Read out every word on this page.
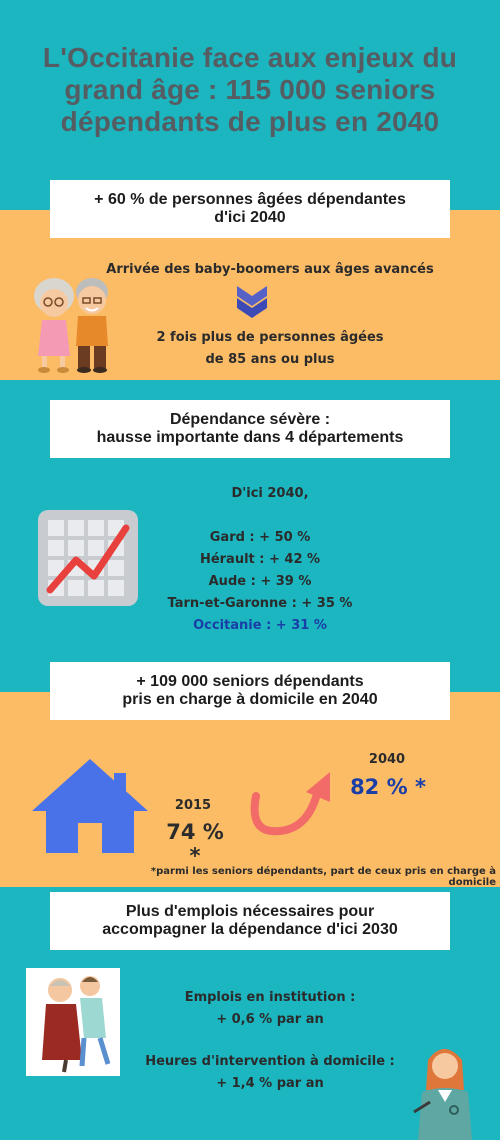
L'Occitanie face aux enjeux du
grand âge : 115 000 seniors
dépendants de plus en 2040
+ 60 % de personnes âgées dépendantes
d'ici 2040
Arrivée des baby-boomers aux âges avancés
2 fois plus de personnes âgées
de 85 ans ou plus
Dépendance sévère :
hausse importante dans 4 départements
D'ici 2040,
Gard : + 50 %
Hérault : + 42 %
Aude : + 39 %
Tarn-et-Garonne : + 35 %
Occitanie : + 31 %
+ 109 000 seniors dépendants
pris en charge à domicile en 2040
2015
74 % *
2040
82 % *
*parmi les seniors dépendants, part de ceux pris en charge à domicile
Plus d'emplois nécessaires pour
accompagner la dépendance d'ici 2030
Emplois en institution :
+ 0,6 % par an
Heures d'intervention à domicile :
+ 1,4 % par an
